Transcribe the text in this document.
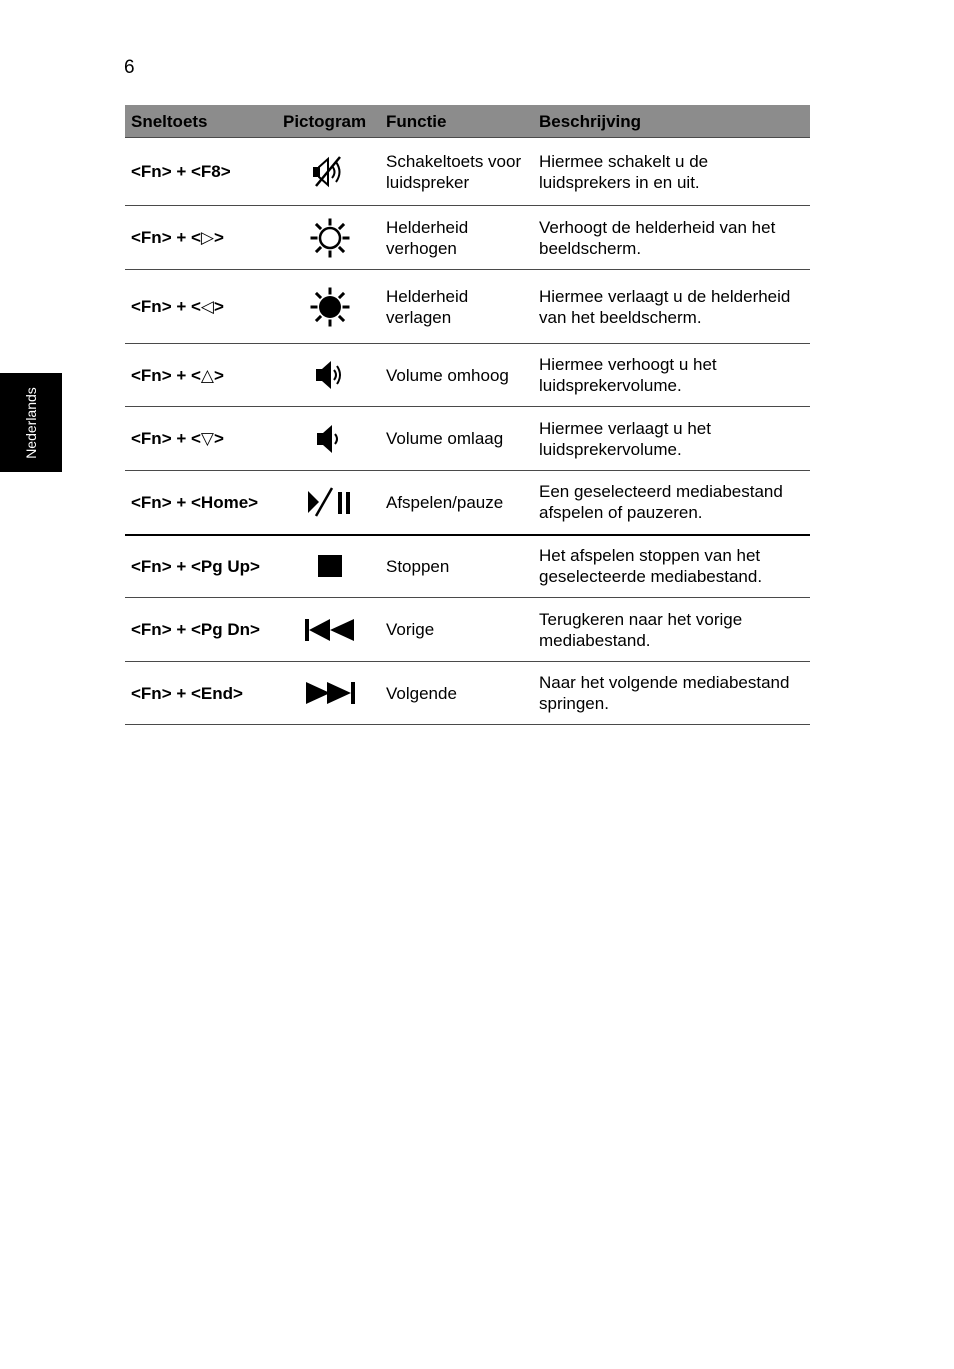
6
Nederlands
Sneltoets	Pictogram	Functie	Beschrijving
<Fn> + <F8>		Schakeltoets voor luidspreker	Hiermee schakelt u de luidsprekers in en uit.

<Fn> + <▷>		Helderheid verhogen	Verhoogt de helderheid van het beeldscherm.

<Fn> + <◁>		Helderheid verlagen	Hiermee verlaagt u de helderheid van het beeldscherm.

<Fn> + <△>		Volume omhoog	Hiermee verhoogt u het luidsprekervolume.

<Fn> + <▽>		Volume omlaag	Hiermee verlaagt u het luidsprekervolume.

<Fn> + <Home>		Afspelen/pauze	Een geselecteerd mediabestand afspelen of pauzeren.

<Fn> + <Pg Up>		Stoppen	Het afspelen stoppen van het geselecteerde mediabestand.

<Fn> + <Pg Dn>		Vorige	Terugkeren naar het vorige mediabestand.

<Fn> + <End>		Volgende	Naar het volgende mediabestand springen.
